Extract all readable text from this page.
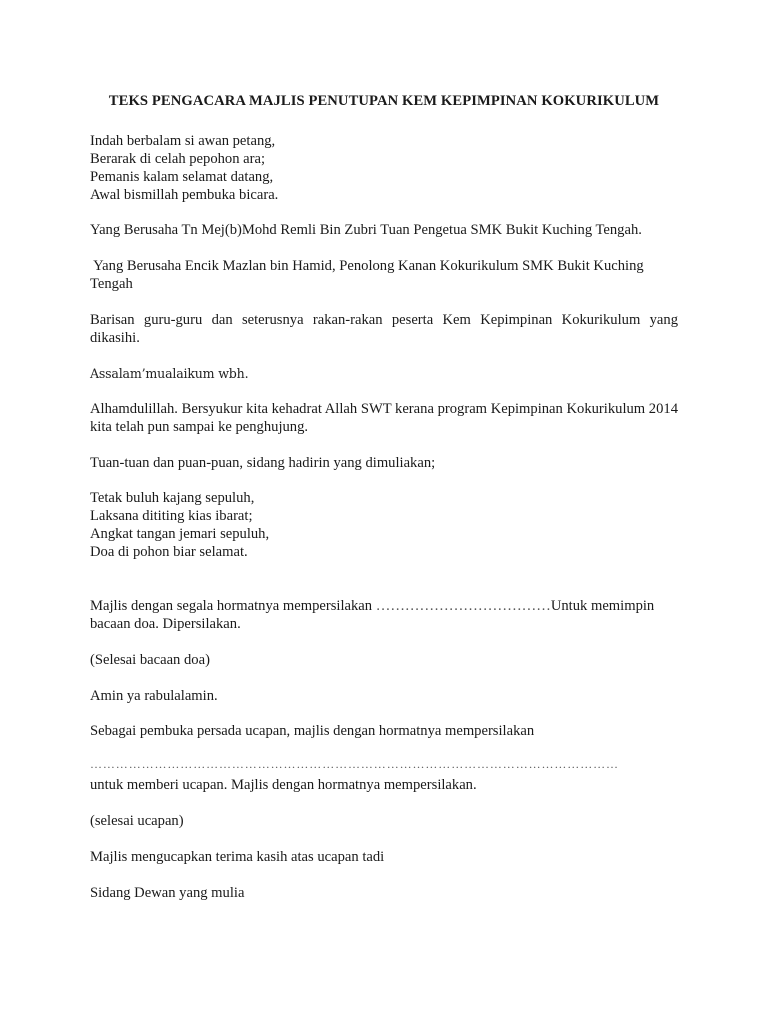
TEKS PENGACARA MAJLIS PENUTUPAN KEM KEPIMPINAN KOKURIKULUM
Indah berbalam si awan petang,
Berarak di celah pepohon ara;
Pemanis kalam selamat datang,
Awal bismillah pembuka bicara.
Yang Berusaha Tn Mej(b)Mohd Remli Bin Zubri Tuan Pengetua SMK Bukit Kuching Tengah.
Yang Berusaha Encik Mazlan bin Hamid, Penolong Kanan Kokurikulum SMK Bukit Kuching
Tengah
Barisan guru-guru dan seterusnya rakan-rakan peserta Kem Kepimpinan Kokurikulum yang dikasihi.
Assalam’mualaikum wbh.
Alhamdulillah. Bersyukur kita kehadrat Allah SWT kerana program Kepimpinan Kokurikulum 2014 kita telah pun sampai ke penghujung.
Tuan-tuan dan puan-puan, sidang hadirin yang dimuliakan;
Tetak buluh kajang sepuluh,
Laksana dititing kias ibarat;
Angkat tangan jemari sepuluh,
Doa di pohon biar selamat.
Majlis dengan segala hormatnya mempersilakan ………………………………Untuk memimpin
bacaan doa. Dipersilakan.
(Selesai bacaan doa)
Amin ya rabulalamin.
Sebagai pembuka persada ucapan, majlis dengan hormatnya mempersilakan
……………………………………………………………………………………………………………
untuk memberi ucapan. Majlis dengan hormatnya mempersilakan.
(selesai ucapan)
Majlis mengucapkan terima kasih atas ucapan tadi
Sidang Dewan yang mulia
